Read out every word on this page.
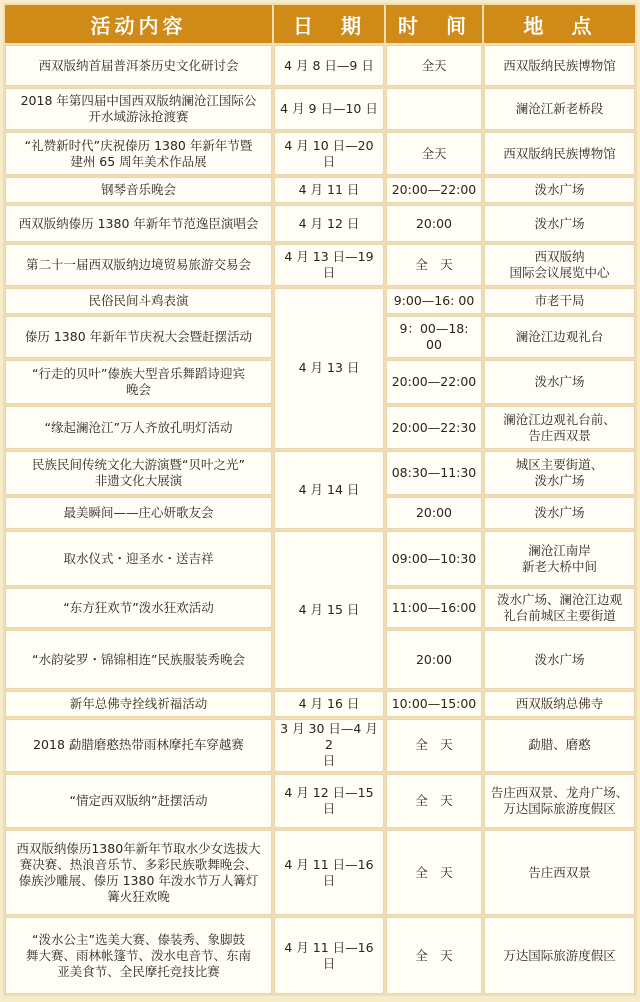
活动内容	日　期	时　间	地　点
西双版纳首届普洱茶历史文化研讨会	4 月 8 日—9 日	全天	西双版纳民族博物馆
2018 年第四届中国西双版纳澜沧江国际公
开水域游泳抢渡赛	4 月 9 日—10 日		澜沧江新老桥段
“礼赞新时代”庆祝傣历 1380 年新年节暨
建州 65 周年美术作品展	4 月 10 日—20 日	全天	西双版纳民族博物馆
钢琴音乐晚会	4 月 11 日	20:00—22:00	泼水广场
西双版纳傣历 1380 年新年节范逸臣演唱会	4 月 12 日	20:00	泼水广场
第二十一届西双版纳边境贸易旅游交易会	4 月 13 日—19 日	全　天	西双版纳
国际会议展览中心
民俗民间斗鸡表演	4 月 13 日	9:00—16: 00	市老干局
傣历 1380 年新年节庆祝大会暨赶摆活动		9：00—18: 00	澜沧江边观礼台
“行走的贝叶”傣族大型音乐舞蹈诗迎宾
晚会		20:00—22:00	泼水广场
“缘起澜沧江”万人齐放孔明灯活动		20:00—22:30	澜沧江边观礼台前、
告庄西双景
民族民间传统文化大游演暨“贝叶之光”
非遗文化大展演	4 月 14 日	08:30—11:30	城区主要街道、
泼水广场
最美瞬间——庄心妍歌友会		20:00	泼水广场
取水仪式・迎圣水・送吉祥	4 月 15 日	09:00—10:30	澜沧江南岸
新老大桥中间
“东方狂欢节”泼水狂欢活动		11:00—16:00	泼水广场、澜沧江边观
礼台前城区主要街道
“水韵娑罗・锦锦相连”民族服装秀晚会		20:00	泼水广场
新年总佛寺拴线祈福活动	4 月 16 日	10:00—15:00	西双版纳总佛寺
2018 勐腊磨憨热带雨林摩托车穿越赛	3 月 30 日—4 月 2
日	全　天	勐腊、磨憨
“情定西双版纳”赶摆活动	4 月 12 日—15 日	全　天	告庄西双景、龙舟广场、
万达国际旅游度假区
西双版纳傣历1380年新年节取水少女选拔大
赛决赛、热浪音乐节、多彩民族歌舞晚会、
傣族沙雕展、傣历 1380 年泼水节万人篝灯
篝火狂欢晚	4 月 11 日—16 日	全　天	告庄西双景
“泼水公主”选美大赛、傣装秀、象脚鼓
舞大赛、雨林帐篷节、泼水电音节、东南
亚美食节、全民摩托竞技比赛	4 月 11 日—16 日	全　天	万达国际旅游度假区
